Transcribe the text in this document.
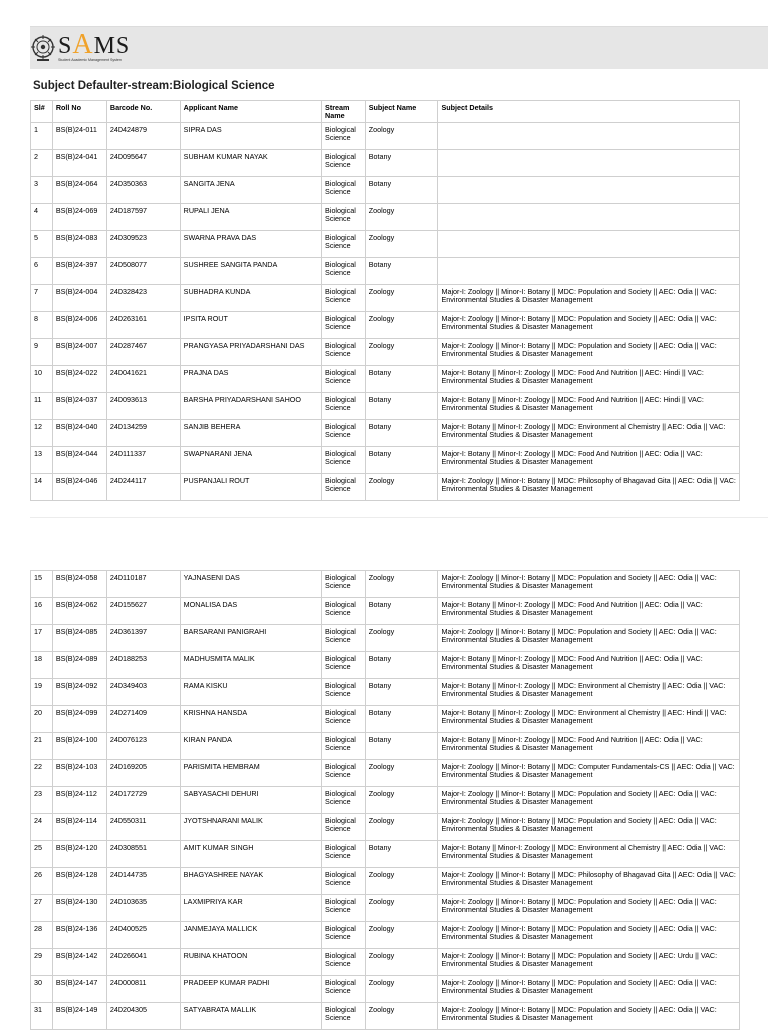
SAMS
Student Academic Management System
Subject Defaulter-stream:Biological Science
Sl#	Roll No	Barcode No.	Applicant Name	Stream Name	Subject Name	Subject Details
1	BS(B)24-011	24D424879	SIPRA DAS	Biological Science	Zoology	
2	BS(B)24-041	24D095647	SUBHAM KUMAR NAYAK	Biological Science	Botany	
3	BS(B)24-064	24D350363	SANGITA JENA	Biological Science	Botany	
4	BS(B)24-069	24D187597	RUPALI JENA	Biological Science	Zoology	
5	BS(B)24-083	24D309523	SWARNA PRAVA DAS	Biological Science	Zoology	
6	BS(B)24-397	24D508077	SUSHREE SANGITA PANDA	Biological Science	Botany	
7	BS(B)24-004	24D328423	SUBHADRA KUNDA	Biological Science	Zoology	Major-I: Zoology || Minor-I: Botany || MDC: Population and Society || AEC: Odia || VAC: Environmental Studies & Disaster Management
8	BS(B)24-006	24D263161	IPSITA ROUT	Biological Science	Zoology	Major-I: Zoology || Minor-I: Botany || MDC: Population and Society || AEC: Odia || VAC: Environmental Studies & Disaster Management
9	BS(B)24-007	24D287467	PRANGYASA PRIYADARSHANI DAS	Biological Science	Zoology	Major-I: Zoology || Minor-I: Botany || MDC: Population and Society || AEC: Odia || VAC: Environmental Studies & Disaster Management
10	BS(B)24-022	24D041621	PRAJNA DAS	Biological Science	Botany	Major-I: Botany || Minor-I: Zoology || MDC: Food And Nutrition || AEC: Hindi || VAC: Environmental Studies & Disaster Management
11	BS(B)24-037	24D093613	BARSHA PRIYADARSHANI SAHOO	Biological Science	Botany	Major-I: Botany || Minor-I: Zoology || MDC: Food And Nutrition || AEC: Hindi || VAC: Environmental Studies & Disaster Management
12	BS(B)24-040	24D134259	SANJIB BEHERA	Biological Science	Botany	Major-I: Botany || Minor-I: Zoology || MDC: Environment al Chemistry || AEC: Odia || VAC: Environmental Studies & Disaster Management
13	BS(B)24-044	24D111337	SWAPNARANI JENA	Biological Science	Botany	Major-I: Botany || Minor-I: Zoology || MDC: Food And Nutrition || AEC: Odia || VAC: Environmental Studies & Disaster Management
14	BS(B)24-046	24D244117	PUSPANJALI ROUT	Biological Science	Zoology	Major-I: Zoology || Minor-I: Botany || MDC: Philosophy of Bhagavad Gita || AEC: Odia || VAC: Environmental Studies & Disaster Management
15	BS(B)24-058	24D110187	YAJNASENI DAS	Biological Science	Zoology	Major-I: Zoology || Minor-I: Botany || MDC: Population and Society || AEC: Odia || VAC: Environmental Studies & Disaster Management
16	BS(B)24-062	24D155627	MONALISA DAS	Biological Science	Botany	Major-I: Botany || Minor-I: Zoology || MDC: Food And Nutrition || AEC: Odia || VAC: Environmental Studies & Disaster Management
17	BS(B)24-085	24D361397	BARSARANI PANIGRAHI	Biological Science	Zoology	Major-I: Zoology || Minor-I: Botany || MDC: Population and Society || AEC: Odia || VAC: Environmental Studies & Disaster Management
18	BS(B)24-089	24D188253	MADHUSMITA MALIK	Biological Science	Botany	Major-I: Botany || Minor-I: Zoology || MDC: Food And Nutrition || AEC: Odia || VAC: Environmental Studies & Disaster Management
19	BS(B)24-092	24D349403	RAMA KISKU	Biological Science	Botany	Major-I: Botany || Minor-I: Zoology || MDC: Environment al Chemistry || AEC: Odia || VAC: Environmental Studies & Disaster Management
20	BS(B)24-099	24D271409	KRISHNA HANSDA	Biological Science	Botany	Major-I: Botany || Minor-I: Zoology || MDC: Environment al Chemistry || AEC: Hindi || VAC: Environmental Studies & Disaster Management
21	BS(B)24-100	24D076123	KIRAN PANDA	Biological Science	Botany	Major-I: Botany || Minor-I: Zoology || MDC: Food And Nutrition || AEC: Odia || VAC: Environmental Studies & Disaster Management
22	BS(B)24-103	24D169205	PARISMITA HEMBRAM	Biological Science	Zoology	Major-I: Zoology || Minor-I: Botany || MDC: Computer Fundamentals-CS || AEC: Odia || VAC: Environmental Studies & Disaster Management
23	BS(B)24-112	24D172729	SABYASACHI DEHURI	Biological Science	Zoology	Major-I: Zoology || Minor-I: Botany || MDC: Population and Society || AEC: Odia || VAC: Environmental Studies & Disaster Management
24	BS(B)24-114	24D550311	JYOTSHNARANI MALIK	Biological Science	Zoology	Major-I: Zoology || Minor-I: Botany || MDC: Population and Society || AEC: Odia || VAC: Environmental Studies & Disaster Management
25	BS(B)24-120	24D308551	AMIT KUMAR SINGH	Biological Science	Botany	Major-I: Botany || Minor-I: Zoology || MDC: Environment al Chemistry || AEC: Odia || VAC: Environmental Studies & Disaster Management
26	BS(B)24-128	24D144735	BHAGYASHREE NAYAK	Biological Science	Zoology	Major-I: Zoology || Minor-I: Botany || MDC: Philosophy of Bhagavad Gita || AEC: Odia || VAC: Environmental Studies & Disaster Management
27	BS(B)24-130	24D103635	LAXMIPRIYA KAR	Biological Science	Zoology	Major-I: Zoology || Minor-I: Botany || MDC: Population and Society || AEC: Odia || VAC: Environmental Studies & Disaster Management
28	BS(B)24-136	24D400525	JANMEJAYA MALLICK	Biological Science	Zoology	Major-I: Zoology || Minor-I: Botany || MDC: Population and Society || AEC: Odia || VAC: Environmental Studies & Disaster Management
29	BS(B)24-142	24D266041	RUBINA KHATOON	Biological Science	Zoology	Major-I: Zoology || Minor-I: Botany || MDC: Population and Society || AEC: Urdu || VAC: Environmental Studies & Disaster Management
30	BS(B)24-147	24D000811	PRADEEP KUMAR PADHI	Biological Science	Zoology	Major-I: Zoology || Minor-I: Botany || MDC: Population and Society || AEC: Odia || VAC: Environmental Studies & Disaster Management
31	BS(B)24-149	24D204305	SATYABRATA MALLIK	Biological Science	Zoology	Major-I: Zoology || Minor-I: Botany || MDC: Population and Society || AEC: Odia || VAC: Environmental Studies & Disaster Management
